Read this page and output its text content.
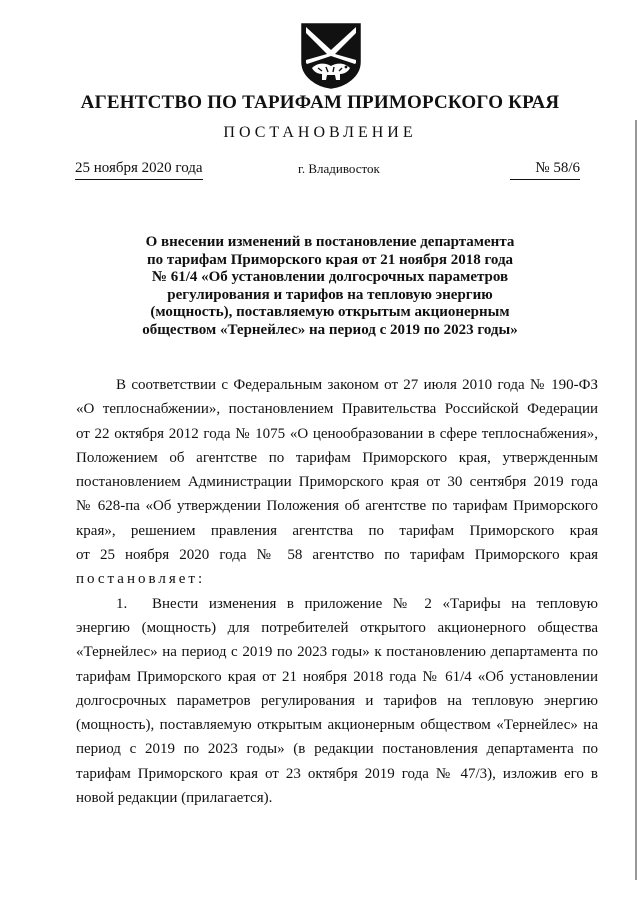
АГЕНТСТВО ПО ТАРИФАМ ПРИМОРСКОГО КРАЯ
ПОСТАНОВЛЕНИЕ
25 ноября 2020 года	г. Владивосток	№ 58/6
О внесении изменений в постановление департамента
по тарифам Приморского края от 21 ноября 2018 года
№ 61/4 «Об установлении долгосрочных параметров
регулирования и тарифов на тепловую энергию
(мощность), поставляемую открытым акционерным
обществом «Тернейлес» на период с 2019 по 2023 годы»
В соответствии с Федеральным законом от 27 июля 2010 года № 190-ФЗ
«О теплоснабжении», постановлением Правительства Российской Федерации
от 22 октября 2012 года № 1075 «О ценообразовании в сфере теплоснабжения»,
Положением об агентстве по тарифам Приморского края, утвержденным
постановлением Администрации Приморского края от 30 сентября 2019 года
№ 628-па «Об утверждении Положения об агентстве по тарифам Приморского
края», решением правления агентства по тарифам Приморского края
от 25 ноября 2020 года № 58 агентство по тарифам Приморского края
постановляет:
1. Внести изменения в приложение № 2 «Тарифы на тепловую
энергию (мощность) для потребителей открытого акционерного общества
«Тернейлес» на период с 2019 по 2023 годы» к постановлению департамента по
тарифам Приморского края от 21 ноября 2018 года № 61/4 «Об установлении
долгосрочных параметров регулирования и тарифов на тепловую энергию
(мощность), поставляемую открытым акционерным обществом «Тернейлес» на
период с 2019 по 2023 годы» (в редакции постановления департамента по
тарифам Приморского края от 23 октября 2019 года № 47/3), изложив его в
новой редакции (прилагается).
